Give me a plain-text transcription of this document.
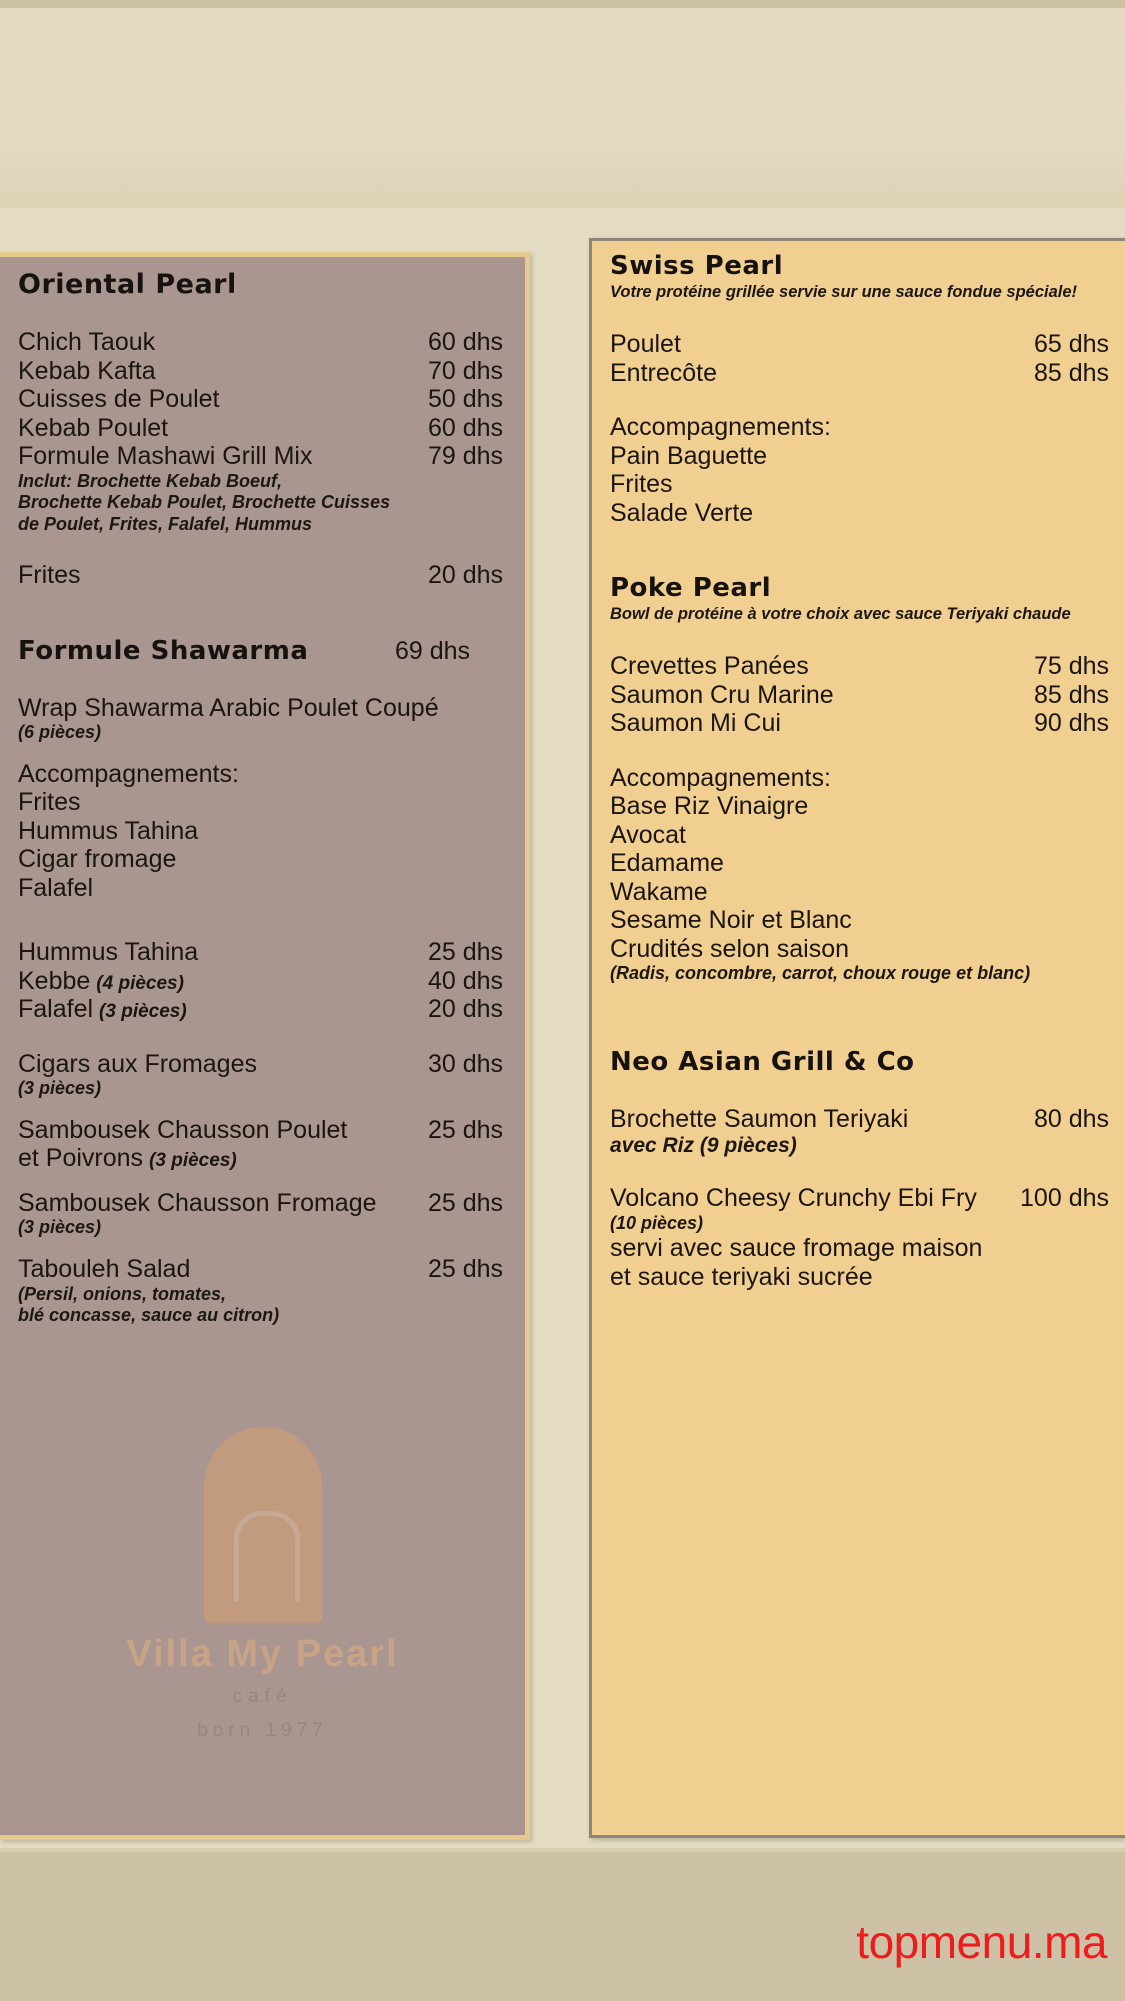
Villa My Pearl
café
born 1977
Oriental Pearl
Chich Taouk	60 dhs
Kebab Kafta	70 dhs
Cuisses de Poulet	50 dhs
Kebab Poulet	60 dhs
Formule Mashawi Grill Mix	79 dhs
Inclut: Brochette Kebab Boeuf,
Brochette Kebab Poulet, Brochette Cuisses
de Poulet, Frites, Falafel, Hummus
Frites	20 dhs
Formule Shawarma	69 dhs
Wrap Shawarma Arabic Poulet Coupé
(6 pièces)
Accompagnements:
Frites
Hummus Tahina
Cigar fromage
Falafel
Hummus Tahina	25 dhs
Kebbe (4 pièces)	40 dhs
Falafel (3 pièces)	20 dhs
Cigars aux Fromages	30 dhs
(3 pièces)
Sambousek Chausson Poulet	25 dhs
et Poivrons (3 pièces)
Sambousek Chausson Fromage	25 dhs
(3 pièces)
Tabouleh Salad	25 dhs
(Persil, onions, tomates,
blé concasse, sauce au citron)
Swiss Pearl
Votre protéine grillée servie sur une sauce fondue spéciale!
Poulet	65 dhs
Entrecôte	85 dhs
Accompagnements:
Pain Baguette
Frites
Salade Verte
Poke Pearl
Bowl de protéine à votre choix avec sauce Teriyaki chaude
Crevettes Panées	75 dhs
Saumon Cru Marine	85 dhs
Saumon Mi Cui	90 dhs
Accompagnements:
Base Riz Vinaigre
Avocat
Edamame
Wakame
Sesame Noir et Blanc
Crudités selon saison
(Radis, concombre, carrot, choux rouge et blanc)
Neo Asian Grill & Co
Brochette Saumon Teriyaki	80 dhs
avec Riz (9 pièces)
Volcano Cheesy Crunchy Ebi Fry	100 dhs
(10 pièces)
servi avec sauce fromage maison
et sauce teriyaki sucrée
topmenu.ma
